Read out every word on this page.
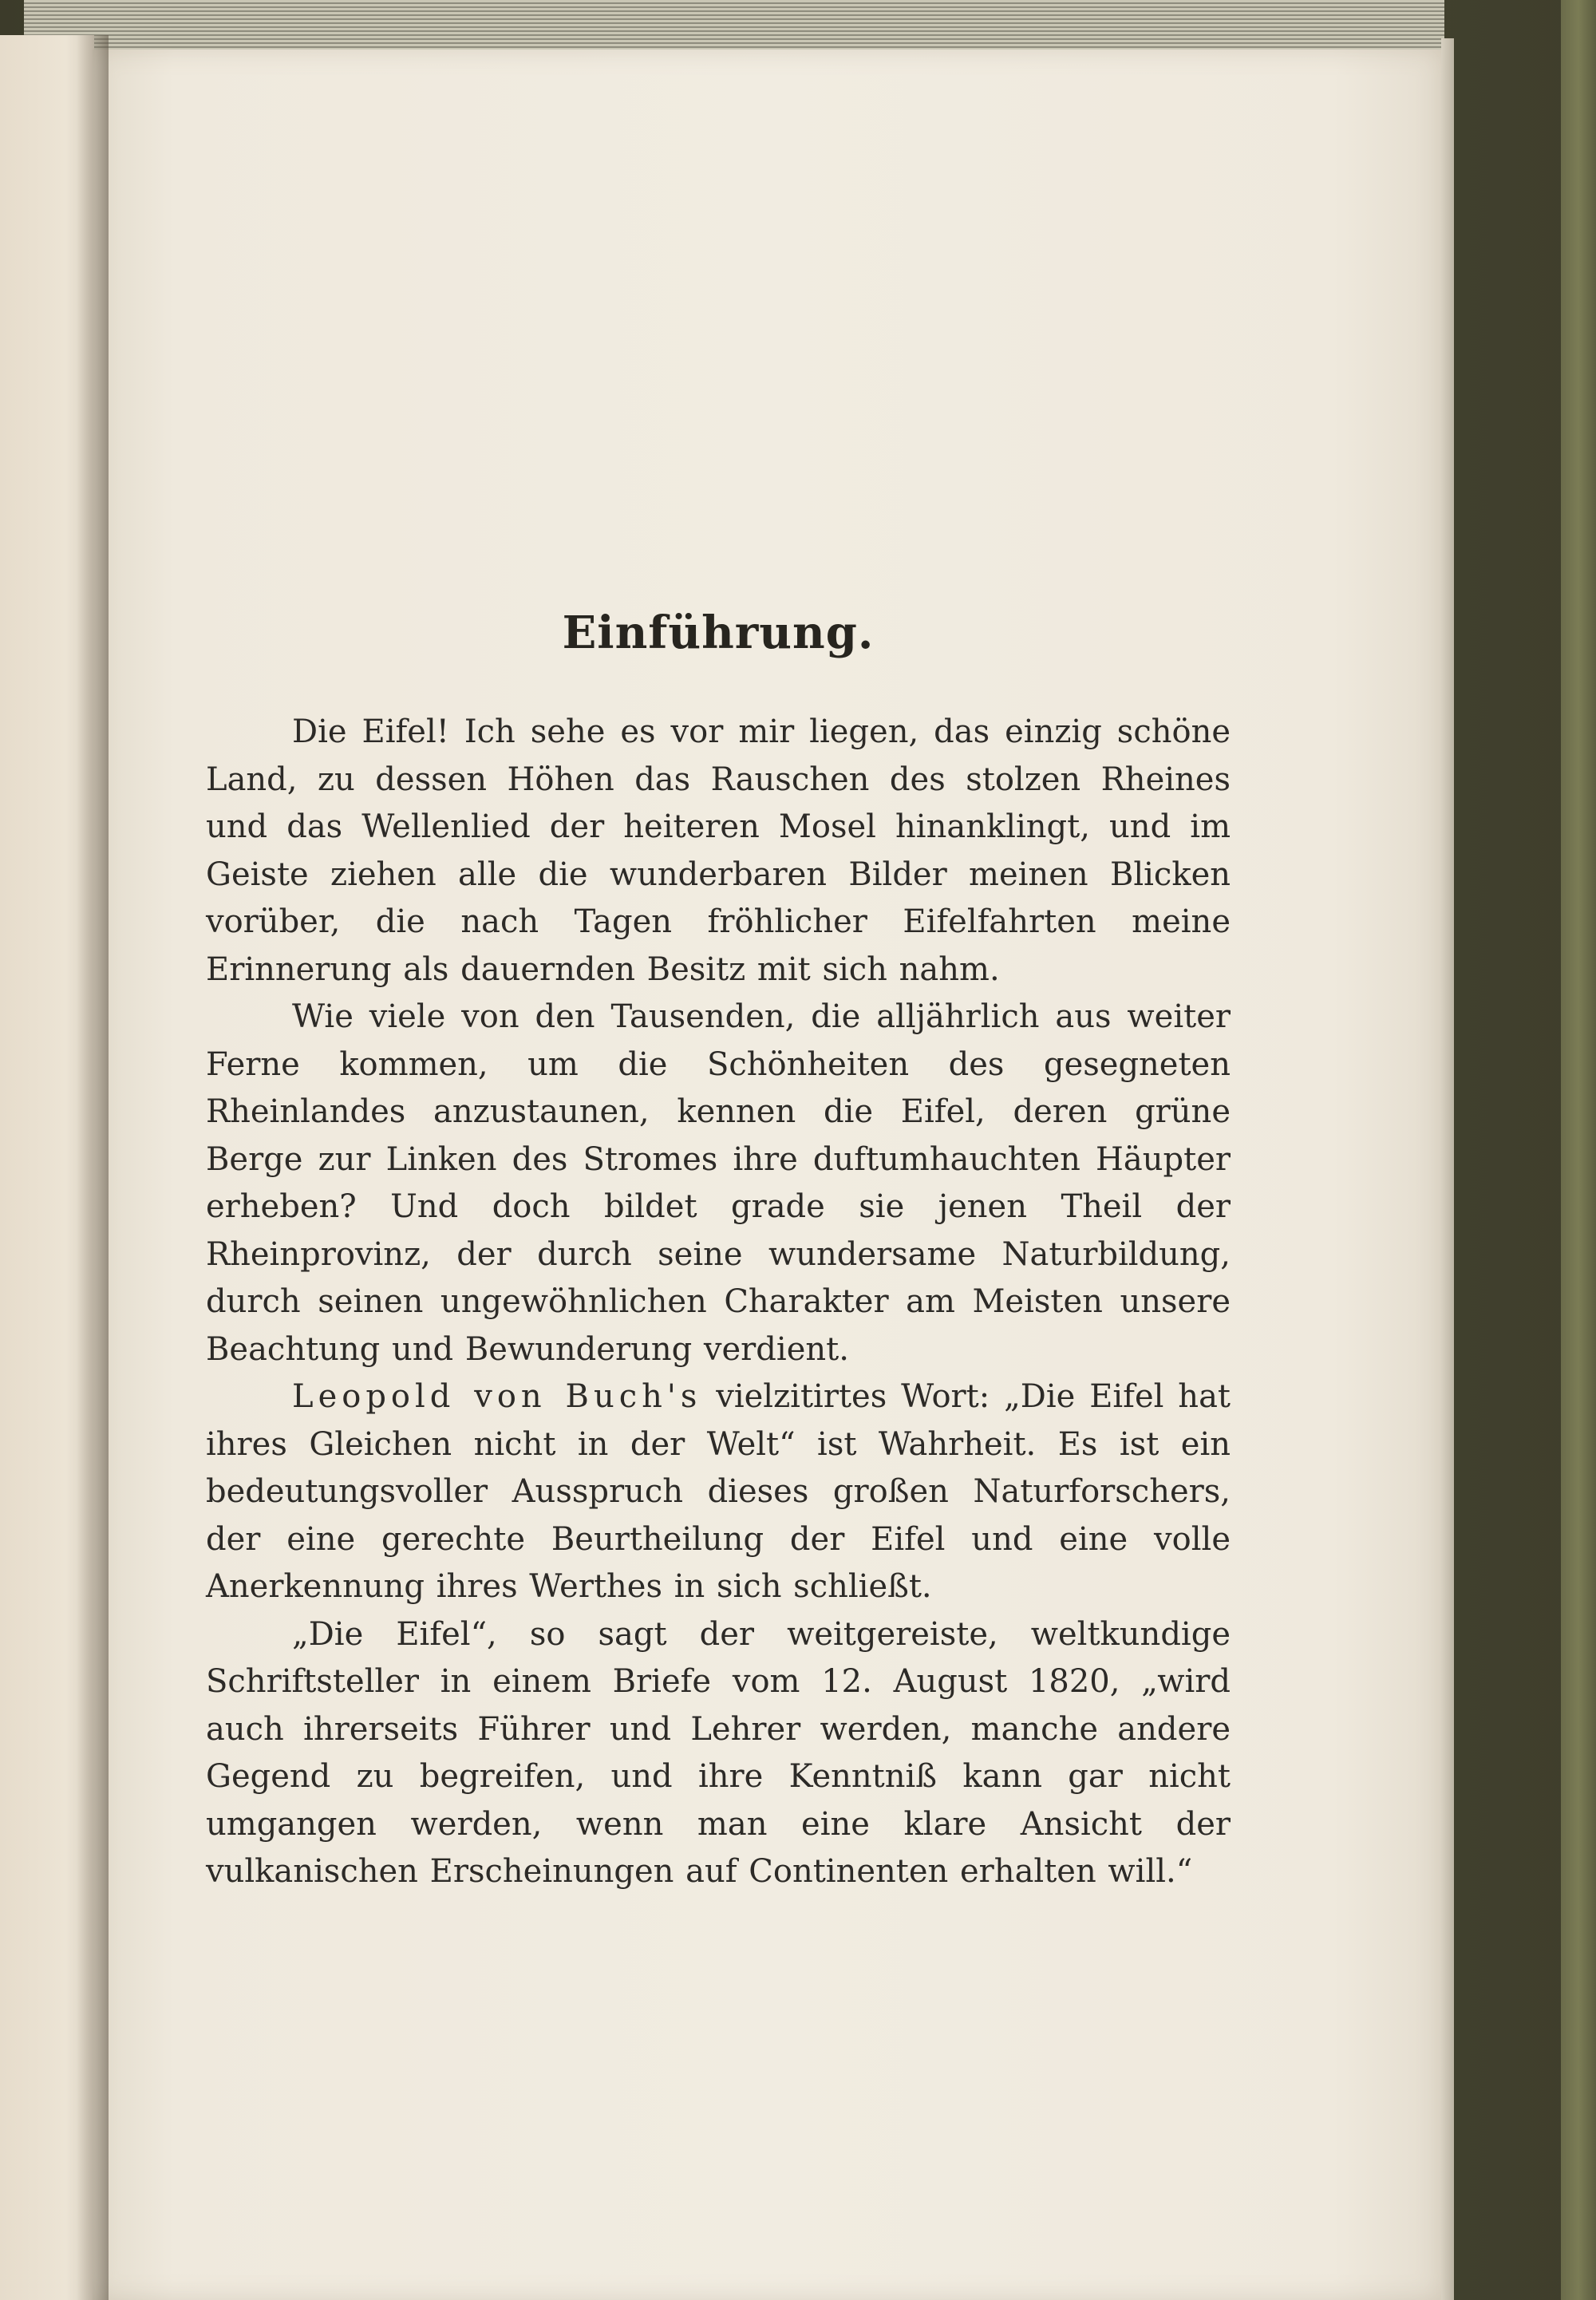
Einführung.

Die Eifel! Ich sehe es vor mir liegen, das einzig schöne Land, zu dessen Höhen das Rauschen des stolzen Rheines und das Wellenlied der heiteren Mosel hinanklingt, und im Geiste ziehen alle die wunderbaren Bilder meinen Blicken vorüber, die nach Tagen fröhlicher Eifelfahrten meine Erinnerung als dauernden Besitz mit sich nahm.

Wie viele von den Tausenden, die alljährlich aus weiter Ferne kommen, um die Schönheiten des gesegneten Rheinlandes anzustaunen, kennen die Eifel, deren grüne Berge zur Linken des Stromes ihre duftumhauchten Häupter erheben? Und doch bildet grade sie jenen Theil der Rheinprovinz, der durch seine wundersame Naturbildung, durch seinen ungewöhnlichen Charakter am Meisten unsere Beachtung und Bewunderung verdient.

Leopold von Buch's vielzitirtes Wort: „Die Eifel hat ihres Gleichen nicht in der Welt“ ist Wahrheit. Es ist ein bedeutungsvoller Ausspruch dieses großen Naturforschers, der eine gerechte Beurtheilung der Eifel und eine volle Anerkennung ihres Werthes in sich schließt.

„Die Eifel“, so sagt der weitgereiste, weltkundige Schriftsteller in einem Briefe vom 12. August 1820, „wird auch ihrerseits Führer und Lehrer werden, manche andere Gegend zu begreifen, und ihre Kenntniß kann gar nicht umgangen werden, wenn man eine klare Ansicht der vulkanischen Erscheinungen auf Continenten erhalten will.“
